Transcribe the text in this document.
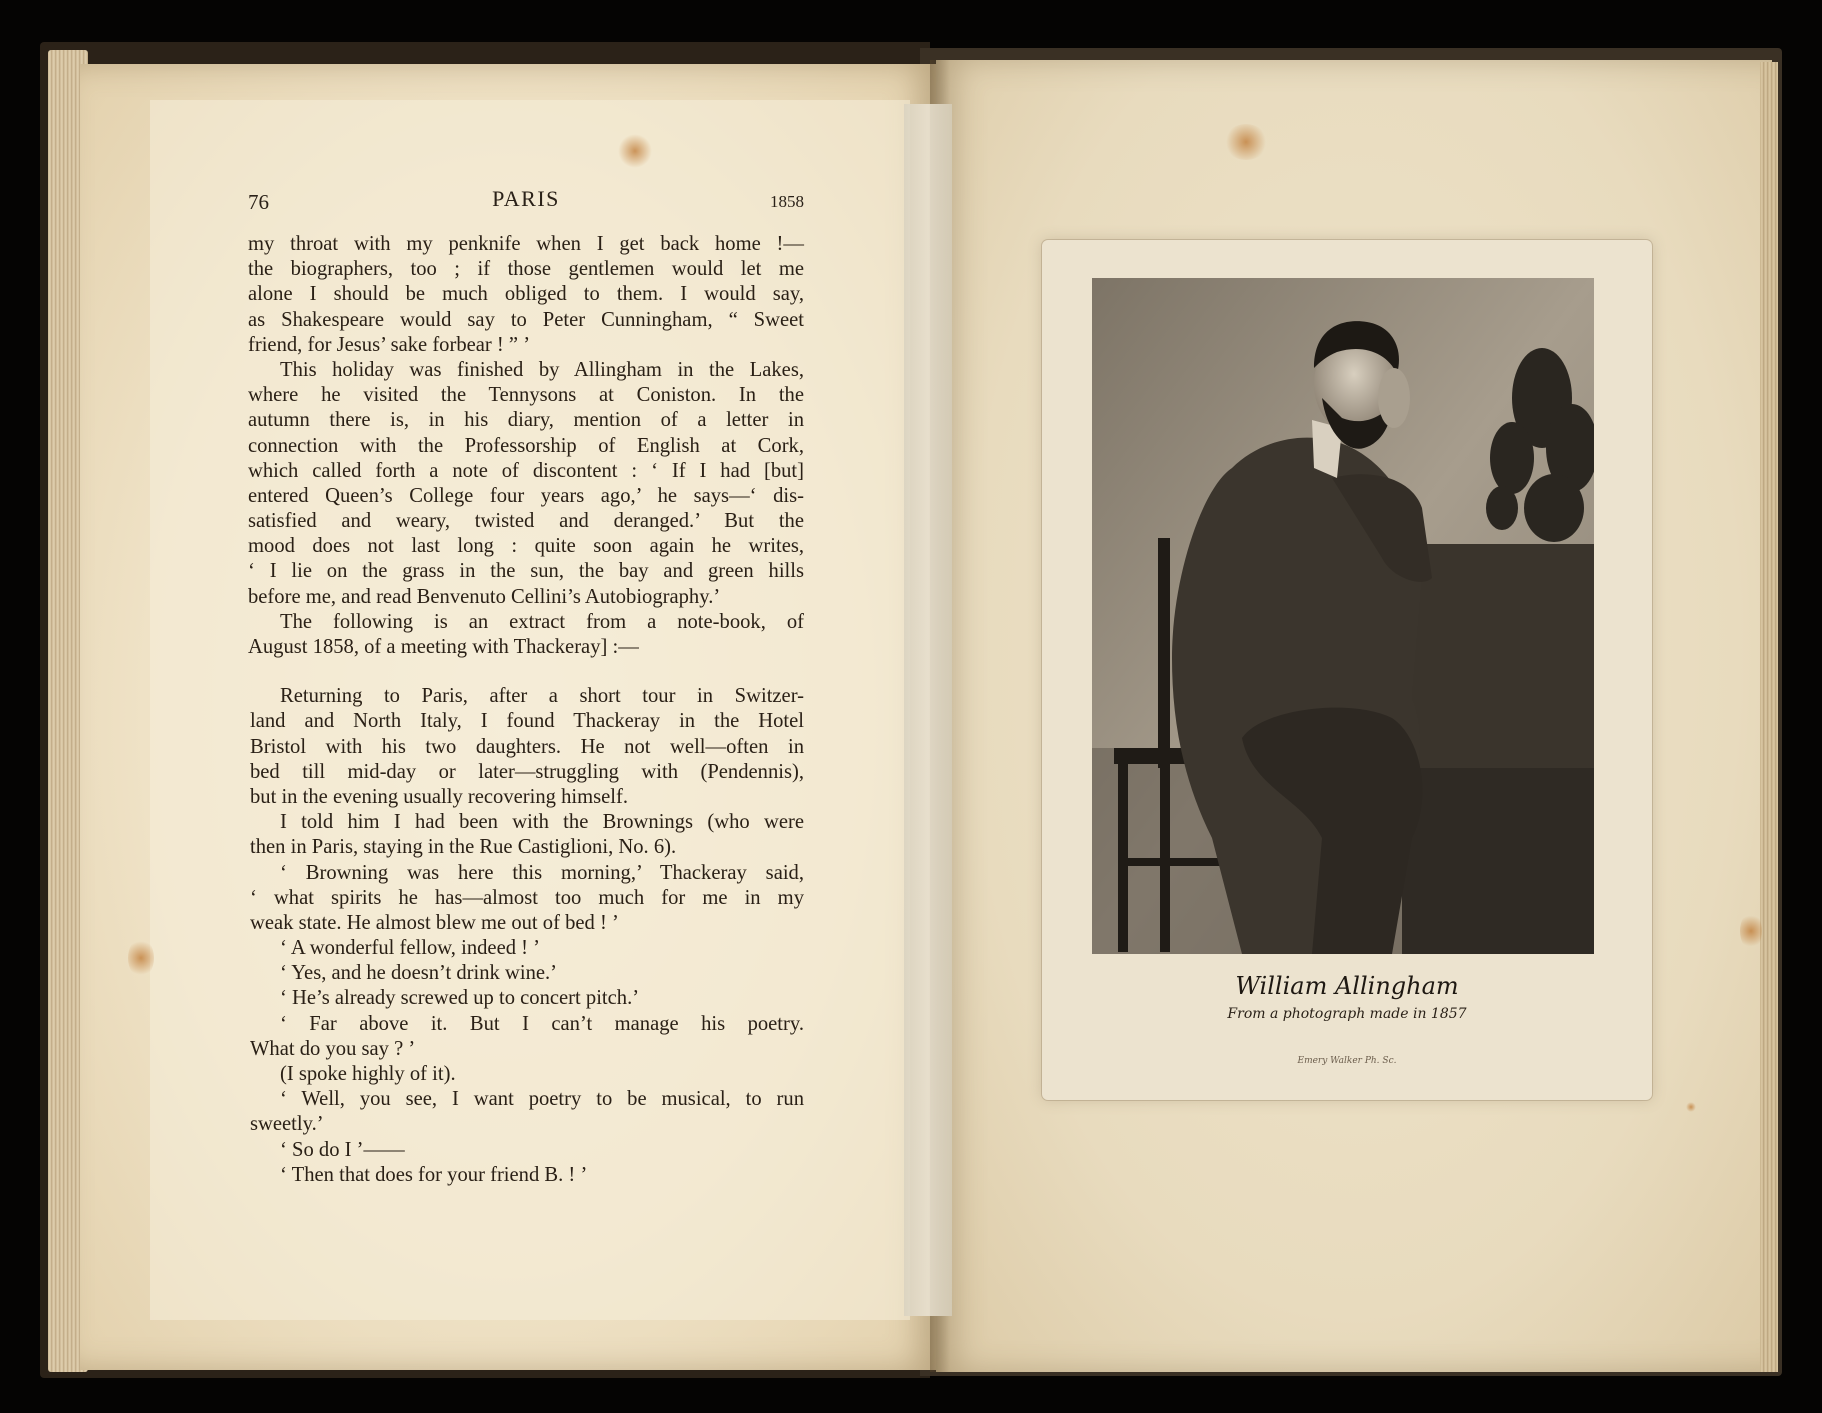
76	PARIS	1858
my throat with my penknife when I get back home !—
the biographers, too ; if those gentlemen would let me
alone I should be much obliged to them. I would say,
as Shakespeare would say to Peter Cunningham, “ Sweet
friend, for Jesus’ sake forbear ! ” ’
This holiday was finished by Allingham in the Lakes,
where he visited the Tennysons at Coniston. In the
autumn there is, in his diary, mention of a letter in
connection with the Professorship of English at Cork,
which called forth a note of discontent : ‘ If I had [but]
entered Queen’s College four years ago,’ he says—‘ dis-
satisfied and weary, twisted and deranged.’ But the
mood does not last long : quite soon again he writes,
‘ I lie on the grass in the sun, the bay and green hills
before me, and read Benvenuto Cellini’s Autobiography.’
The following is an extract from a note-book, of
August 1858, of a meeting with Thackeray] :—
Returning to Paris, after a short tour in Switzer-
land and North Italy, I found Thackeray in the Hotel
Bristol with his two daughters. He not well—often in
bed till mid-day or later—struggling with (Pendennis),
but in the evening usually recovering himself.
I told him I had been with the Brownings (who were
then in Paris, staying in the Rue Castiglioni, No. 6).
‘ Browning was here this morning,’ Thackeray said,
‘ what spirits he has—almost too much for me in my
weak state. He almost blew me out of bed ! ’
‘ A wonderful fellow, indeed ! ’
‘ Yes, and he doesn’t drink wine.’
‘ He’s already screwed up to concert pitch.’
‘ Far above it. But I can’t manage his poetry.
What do you say ? ’
(I spoke highly of it).
‘ Well, you see, I want poetry to be musical, to run
sweetly.’
‘ So do I ’——
‘ Then that does for your friend B. ! ’
William Allingham
From a photograph made in 1857
Emery Walker Ph. Sc.
